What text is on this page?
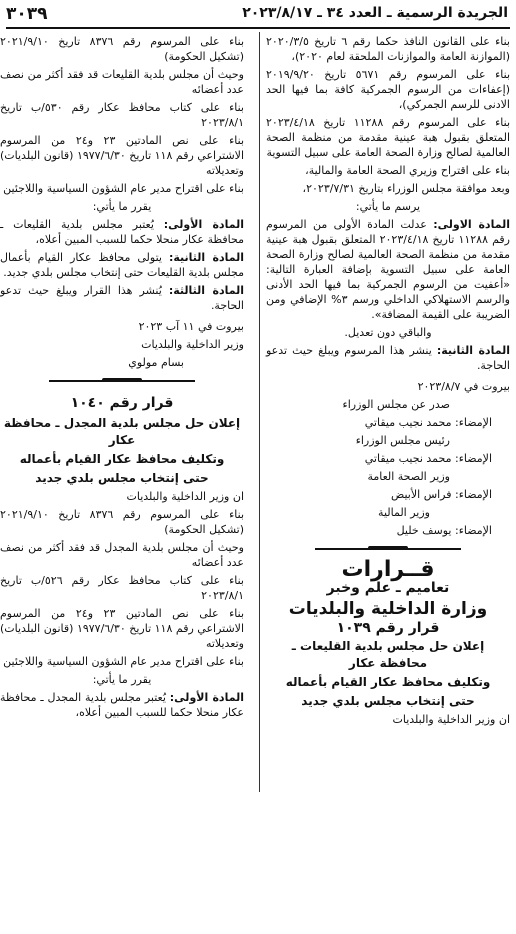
الجريدة الرسمية ـ العدد ٣٤ ـ ٢٠٢٣/٨/١٧
٣٠٣٩

بناء على القانون النافذ حكما رقم ٦ تاريخ ٢٠٢٠/٣/٥ (الموازنة العامة والموازنات الملحقة لعام ٢٠٢٠)،

بناء على المرسوم رقم ٥٦٧١ تاريخ ٢٠١٩/٩/٢٠ (إعفاءات من الرسوم الجمركية كافة بما فيها الحد الادنى للرسم الجمركي)،

بناء على المرسوم رقم ١١٢٨٨ تاريخ ٢٠٢٣/٤/١٨ المتعلق بقبول هبة عينية مقدمة من منظمة الصحة العالمية لصالح وزارة الصحة العامة على سبيل التسوية

بناء على اقتراح وزيري الصحة العامة والمالية،

وبعد موافقة مجلس الوزراء بتاريخ ٢٠٢٣/٧/٣١،

يرسم ما يأتي:

المادة الاولى: عدلت المادة الأولى من المرسوم رقم ١١٢٨٨ تاريخ ٢٠٢٣/٤/١٨ المتعلق بقبول هبة عينية مقدمة من منظمة الصحة العالمية لصالح وزارة الصحة العامة على سبيل التسوية بإضافة العبارة التالية: «أعفيت من الرسوم الجمركية بما فيها الحد الأدنى والرسم الاستهلاكي الداخلي ورسم ٣% الإضافي ومن الضريبة على القيمة المضافة».

والباقي دون تعديل.

المادة الثانية: ينشر هذا المرسوم ويبلغ حيث تدعو الحاجة.

بيروت في ٢٠٢٣/٨/٧

صدر عن مجلس الوزراء

الإمضاء: محمد نجيب ميقاتي

رئيس مجلس الوزراء

الإمضاء: محمد نجيب ميقاتي

وزير الصحة العامة

الإمضاء: فراس الأبيض

وزير المالية

الإمضاء: يوسف خليل

قــرارات
تعاميم ـ علم وخبر
وزارة الداخلية والبلديات
قرار رقم ١٠٣٩
إعلان حل مجلس بلدية القليعات ـ محافظة عكار
وتكليف محافظ عكار القيام بأعماله
حتى إنتخاب مجلس بلدي جديد

ان وزير الداخلية والبلديات

بناء على المرسوم رقم ٨٣٧٦ تاريخ ٢٠٢١/٩/١٠ (تشكيل الحكومة)

وحيث أن مجلس بلدية القليعات قد فقد أكثر من نصف عدد أعضائه

بناء على كتاب محافظ عكار رقم ٥٣٠/ب تاريخ ٢٠٢٣/٨/١

بناء على نص المادتين ٢٣ و٢٤ من المرسوم الاشتراعي رقم ١١٨ تاريخ ١٩٧٧/٦/٣٠ (قانون البلديات) وتعديلاته

بناء على اقتراح مدير عام الشؤون السياسية واللاجئين

يقرر ما يأتي:

المادة الأولى: يُعتبر مجلس بلدية القليعات ـ محافظة عكار منحلا حكما للسبب المبين أعلاه،

المادة الثانية: يتولى محافظ عكار القيام بأعمال مجلس بلدية القليعات حتى إنتخاب مجلس بلدي جديد.

المادة الثالثة: يُنشر هذا القرار ويبلغ حيث تدعو الحاجة.

بيروت في ١١ آب ٢٠٢٣

وزير الداخلية والبلديات

بسام مولوي

قرار رقم ١٠٤٠
إعلان حل مجلس بلدية المجدل ـ محافظة عكار
وتكليف محافظ عكار القيام بأعماله
حتى إنتخاب مجلس بلدي جديد

ان وزير الداخلية والبلديات

بناء على المرسوم رقم ٨٣٧٦ تاريخ ٢٠٢١/٩/١٠ (تشكيل الحكومة)

وحيث أن مجلس بلدية المجدل قد فقد أكثر من نصف عدد أعضائه

بناء على كتاب محافظ عكار رقم ٥٢٦/ب تاريخ ٢٠٢٣/٨/١

بناء على نص المادتين ٢٣ و٢٤ من المرسوم الاشتراعي رقم ١١٨ تاريخ ١٩٧٧/٦/٣٠ (قانون البلديات) وتعديلاته

بناء على اقتراح مدير عام الشؤون السياسية واللاجئين

يقرر ما يأتي:

المادة الأولى: يُعتبر مجلس بلدية المجدل ـ محافظة عكار منحلا حكما للسبب المبين أعلاه،
